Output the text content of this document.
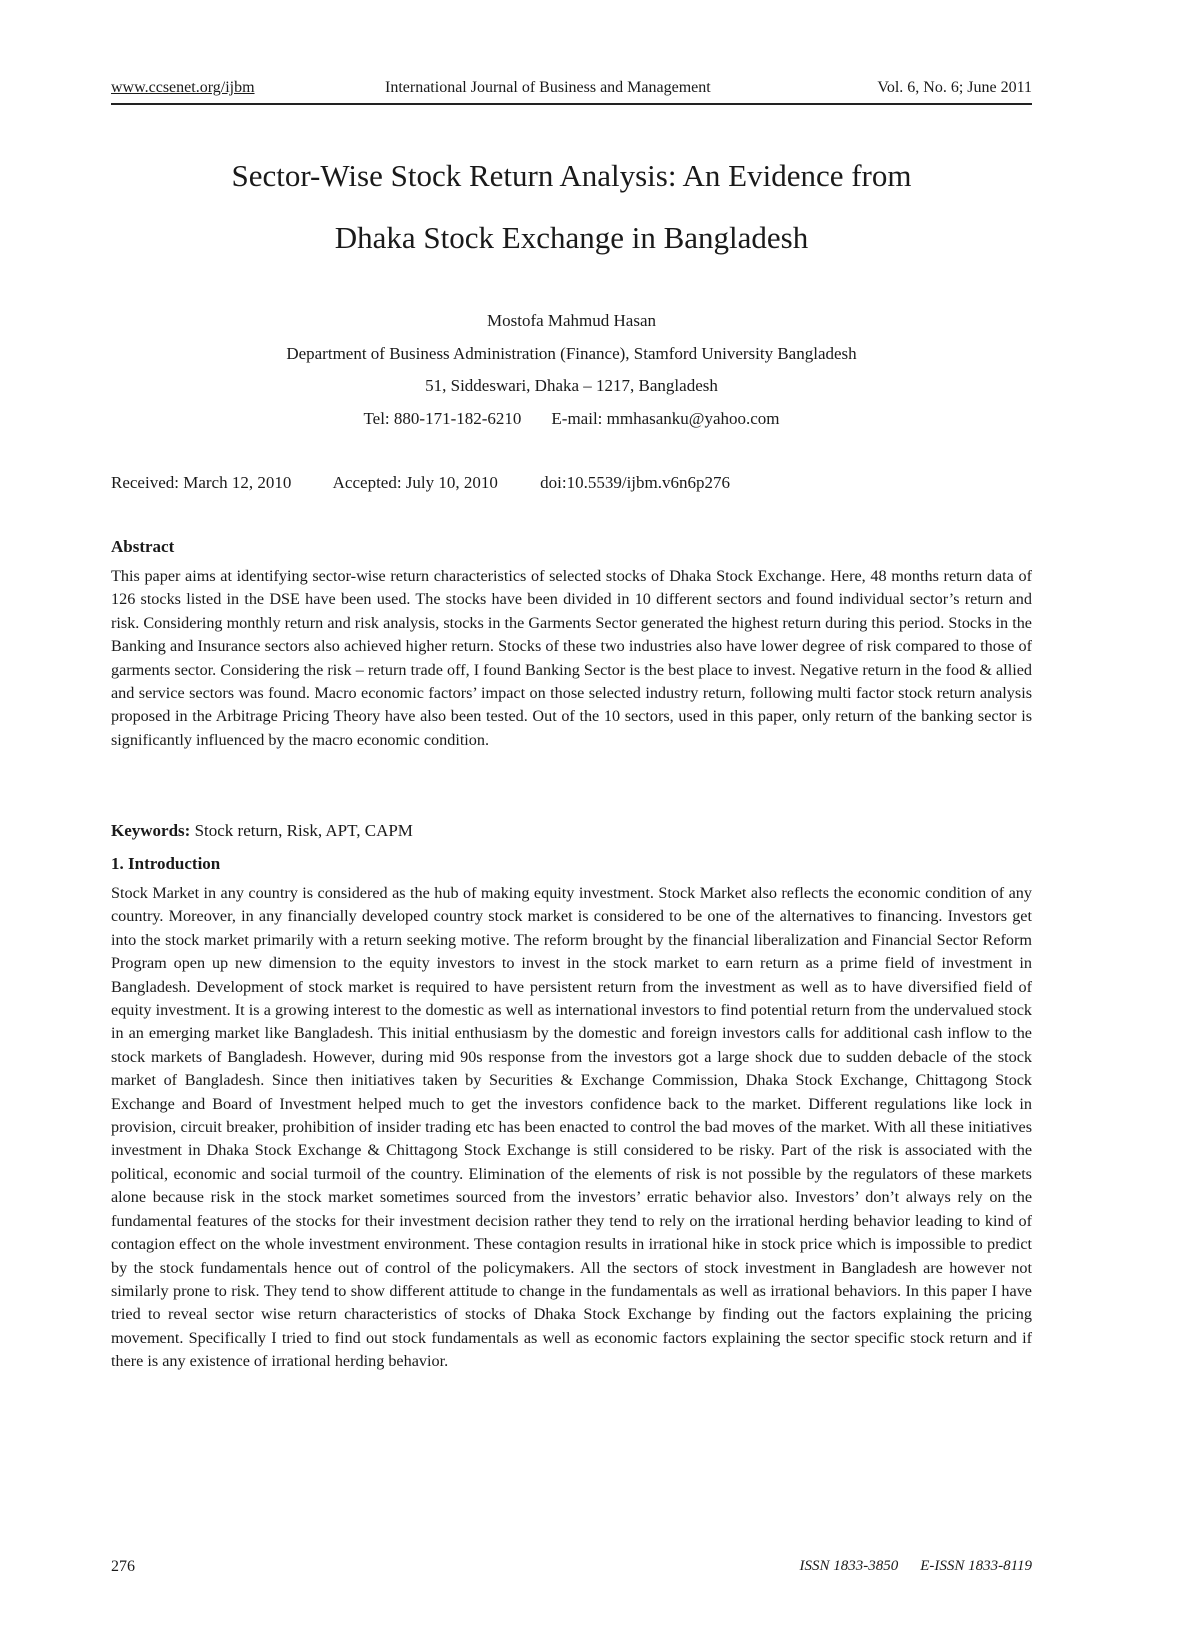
www.ccsenet.org/ijbm	International Journal of Business and Management	Vol. 6, No. 6; June 2011
Sector-Wise Stock Return Analysis: An Evidence from
Dhaka Stock Exchange in Bangladesh
Mostofa Mahmud Hasan
Department of Business Administration (Finance), Stamford University Bangladesh
51, Siddeswari, Dhaka – 1217, Bangladesh
Tel: 880-171-182-6210 E-mail: mmhasanku@yahoo.com
Received: March 12, 2010 Accepted: July 10, 2010 doi:10.5539/ijbm.v6n6p276
Abstract
This paper aims at identifying sector-wise return characteristics of selected stocks of Dhaka Stock Exchange. Here, 48 months return data of 126 stocks listed in the DSE have been used. The stocks have been divided in 10 different sectors and found individual sector’s return and risk. Considering monthly return and risk analysis, stocks in the Garments Sector generated the highest return during this period. Stocks in the Banking and Insurance sectors also achieved higher return. Stocks of these two industries also have lower degree of risk compared to those of garments sector. Considering the risk – return trade off, I found Banking Sector is the best place to invest. Negative return in the food & allied and service sectors was found. Macro economic factors’ impact on those selected industry return, following multi factor stock return analysis proposed in the Arbitrage Pricing Theory have also been tested. Out of the 10 sectors, used in this paper, only return of the banking sector is significantly influenced by the macro economic condition.
Keywords: Stock return, Risk, APT, CAPM
1. Introduction
Stock Market in any country is considered as the hub of making equity investment. Stock Market also reflects the economic condition of any country. Moreover, in any financially developed country stock market is considered to be one of the alternatives to financing. Investors get into the stock market primarily with a return seeking motive. The reform brought by the financial liberalization and Financial Sector Reform Program open up new dimension to the equity investors to invest in the stock market to earn return as a prime field of investment in Bangladesh. Development of stock market is required to have persistent return from the investment as well as to have diversified field of equity investment. It is a growing interest to the domestic as well as international investors to find potential return from the undervalued stock in an emerging market like Bangladesh. This initial enthusiasm by the domestic and foreign investors calls for additional cash inflow to the stock markets of Bangladesh. However, during mid 90s response from the investors got a large shock due to sudden debacle of the stock market of Bangladesh. Since then initiatives taken by Securities & Exchange Commission, Dhaka Stock Exchange, Chittagong Stock Exchange and Board of Investment helped much to get the investors confidence back to the market. Different regulations like lock in provision, circuit breaker, prohibition of insider trading etc has been enacted to control the bad moves of the market. With all these initiatives investment in Dhaka Stock Exchange & Chittagong Stock Exchange is still considered to be risky. Part of the risk is associated with the political, economic and social turmoil of the country. Elimination of the elements of risk is not possible by the regulators of these markets alone because risk in the stock market sometimes sourced from the investors’ erratic behavior also. Investors’ don’t always rely on the fundamental features of the stocks for their investment decision rather they tend to rely on the irrational herding behavior leading to kind of contagion effect on the whole investment environment. These contagion results in irrational hike in stock price which is impossible to predict by the stock fundamentals hence out of control of the policymakers. All the sectors of stock investment in Bangladesh are however not similarly prone to risk. They tend to show different attitude to change in the fundamentals as well as irrational behaviors. In this paper I have tried to reveal sector wise return characteristics of stocks of Dhaka Stock Exchange by finding out the factors explaining the pricing movement. Specifically I tried to find out stock fundamentals as well as economic factors explaining the sector specific stock return and if there is any existence of irrational herding behavior.
276	ISSN 1833-3850 E-ISSN 1833-8119
